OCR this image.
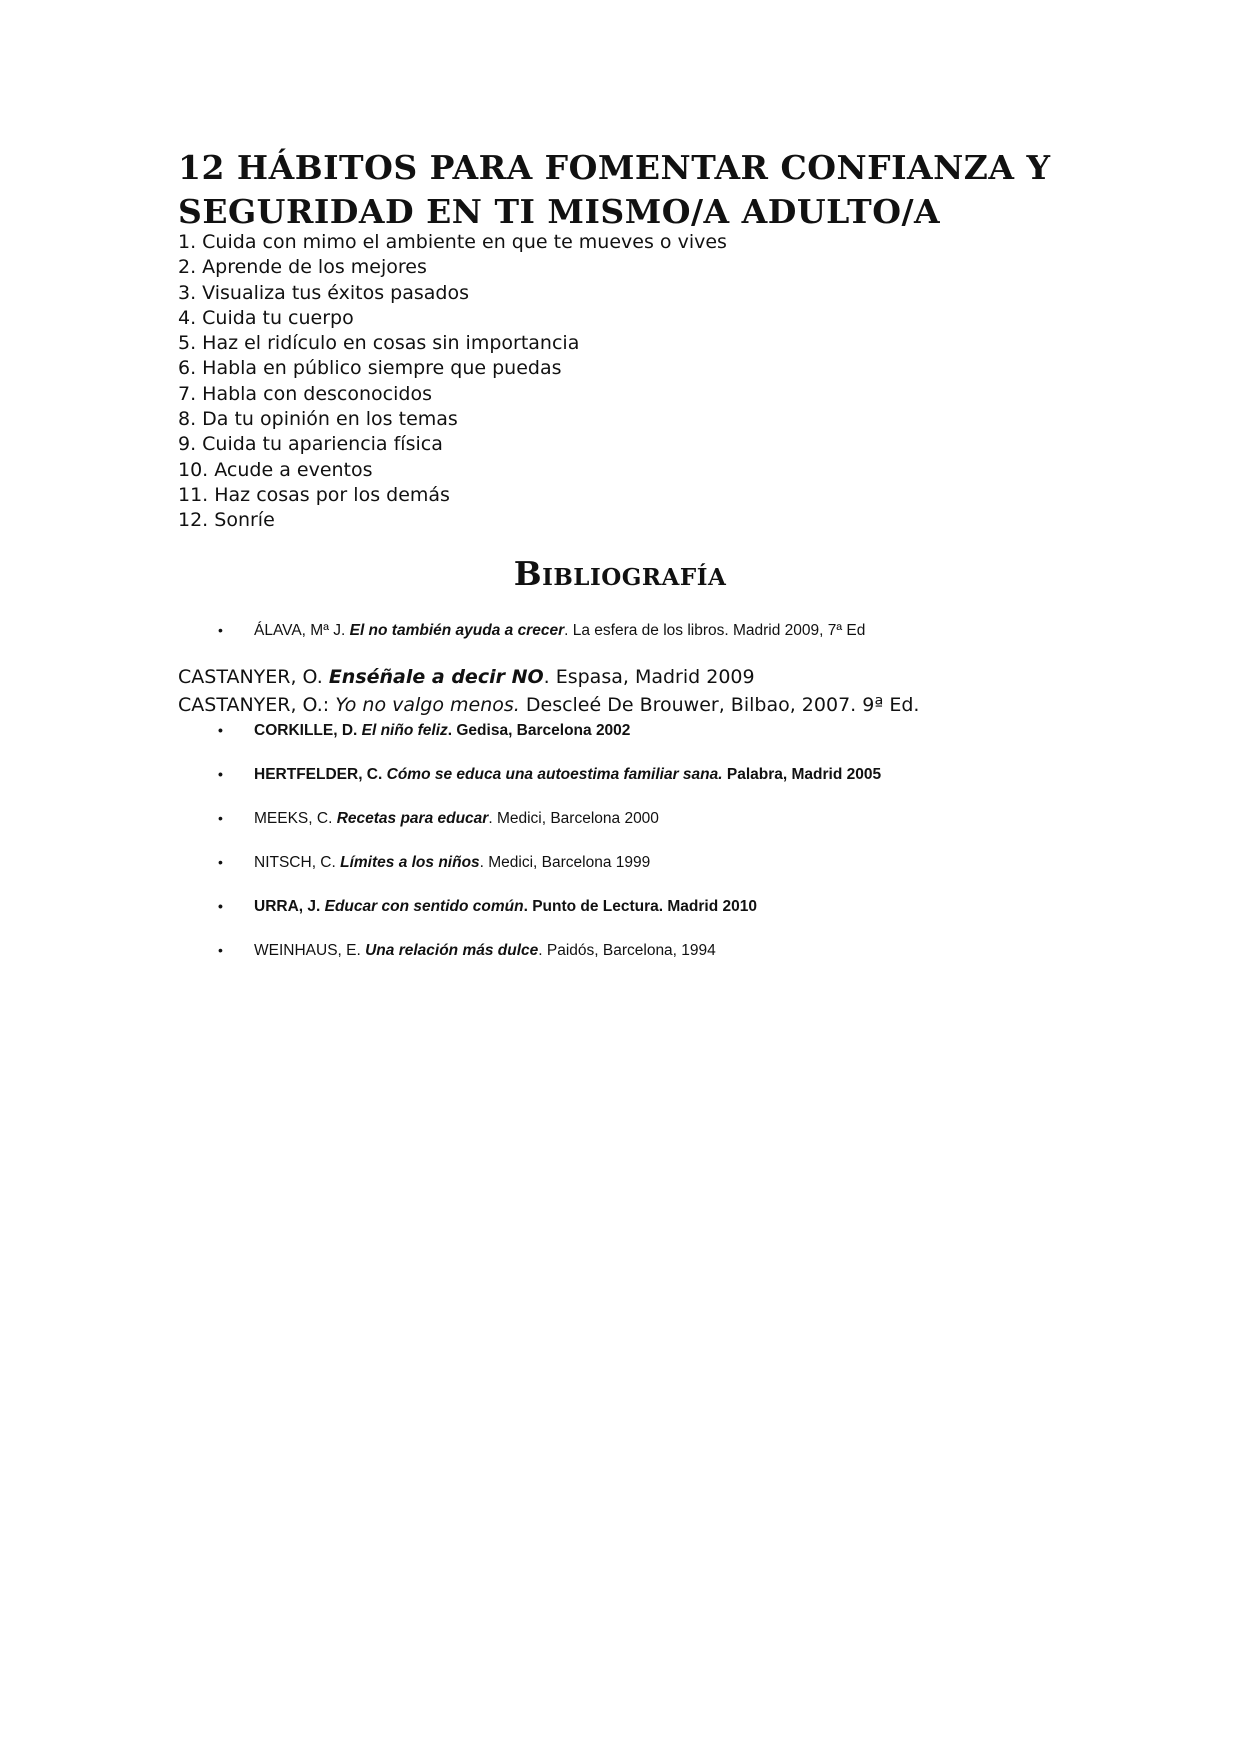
12 HÁBITOS PARA FOMENTAR CONFIANZA Y
SEGURIDAD EN TI MISMO/A ADULTO/A
1. Cuida con mimo el ambiente en que te mueves o vives
2. Aprende de los mejores
3. Visualiza tus éxitos pasados
4. Cuida tu cuerpo
5. Haz el ridículo en cosas sin importancia
6. Habla en público siempre que puedas
7. Habla con desconocidos
8. Da tu opinión en los temas
9. Cuida tu apariencia física
10. Acude a eventos
11. Haz cosas por los demás
12. Sonríe
Bibliografía
• ÁLAVA, Mª J. El no también ayuda a crecer. La esfera de los libros. Madrid 2009, 7ª Ed
CASTANYER, O. Enséñale a decir NO. Espasa, Madrid 2009
CASTANYER, O.: Yo no valgo menos. Descleé De Brouwer, Bilbao, 2007. 9ª Ed.
• CORKILLE, D. El niño feliz. Gedisa, Barcelona 2002
• HERTFELDER, C. Cómo se educa una autoestima familiar sana. Palabra, Madrid 2005
• MEEKS, C. Recetas para educar. Medici, Barcelona 2000
• NITSCH, C. Límites a los niños. Medici, Barcelona 1999
• URRA, J. Educar con sentido común. Punto de Lectura. Madrid 2010
• WEINHAUS, E. Una relación más dulce. Paidós, Barcelona, 1994
